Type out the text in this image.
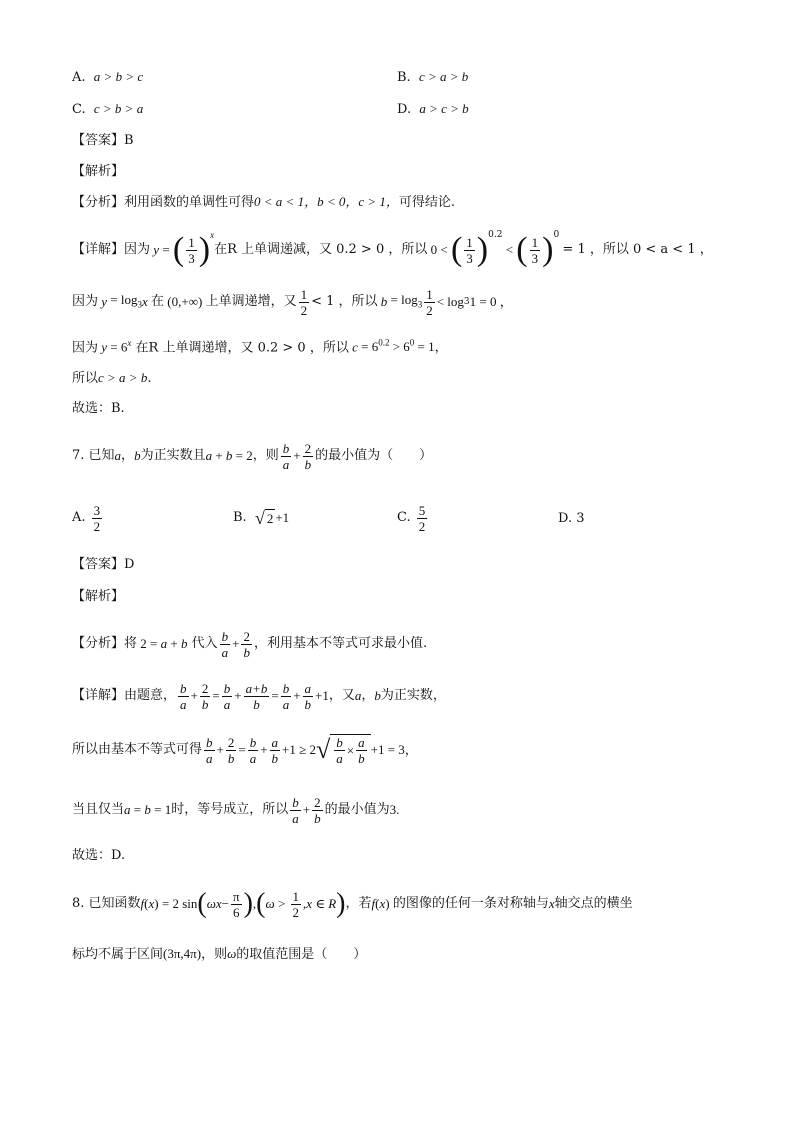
A. a > b > c	B. c > a > b
C. c > b > a	D. a > c > b
【答案】B
【解析】
【分析】利用函数的单调性可得0 < a < 1，b < 0，c > 1，可得结论.
【详解】 因为 y = ( $\frac{1}{3} )^x$
在R 上单调递减，又 0.2 > 0 ，所以 0 < ( $\frac{1}{3} )^{0.2}$
< ( $\frac{1}{3} )^0$

= 1 ，所以 0 < a < 1 ，
因为 $y = \log_3 x$ 在 (0,+∞) 上单调递增，又 $\frac{1}{2} < 1$ ，所以 $b = \log_3 \frac{1}{2} < \log 3$ 1 = 0 ，
因为 $y = 6^x$ 在R 上单调递增，又 0.2 > 0 ，所以 $c = 6^{0.2} > 6^0 = 1$，
所以c > a > b.
故选：B.
7. 已知 a ， b 为正实数且 a + b = 2 ，则 $\frac{b}{a} + \frac{2}{b}$ 的最小值为（　　）
A.
$\frac{3}{2}$	B.
√ 2 +1	C.
$\frac{5}{2}$	D. 3
【答案】D
【解析】
【分析】 将 2 = a + b
代入 $\frac{b}{a} + \frac{2}{b}$ ，利用基本不等式可求最小值.
【详解】 由题意， $\frac{b}{a} + \frac{2}{b} = \frac{b}{a} + \frac{a+b}{b} = \frac{b}{a} + \frac{a}{b} +1$ ，又 a ， b 为正实数，
所以由基本不等式可得 $\frac{b}{a} + \frac{2}{b} = \frac{b}{a} + \frac{a}{b} +1 \ge 2$ √ $\frac{b}{a} \times \frac{a}{b} +1 = 3$，
当且仅当 a = b = 1 时，等号成立，所以 $\frac{b}{a} + \frac{2}{b}$ 的最小值为 3.
故选：D.
8. 已知函数 f ( x ) = 2 sin ( $\omega x - \frac{\pi}{6}$ ) , ( $\omega > \frac{1}{2}$ , x ∈ R ) ，若 f ( x ) 的图像的任何一条对称轴与 x 轴交点的横坐
标均不属于区间(3π,4π)，则ω的取值范围是（　　）
